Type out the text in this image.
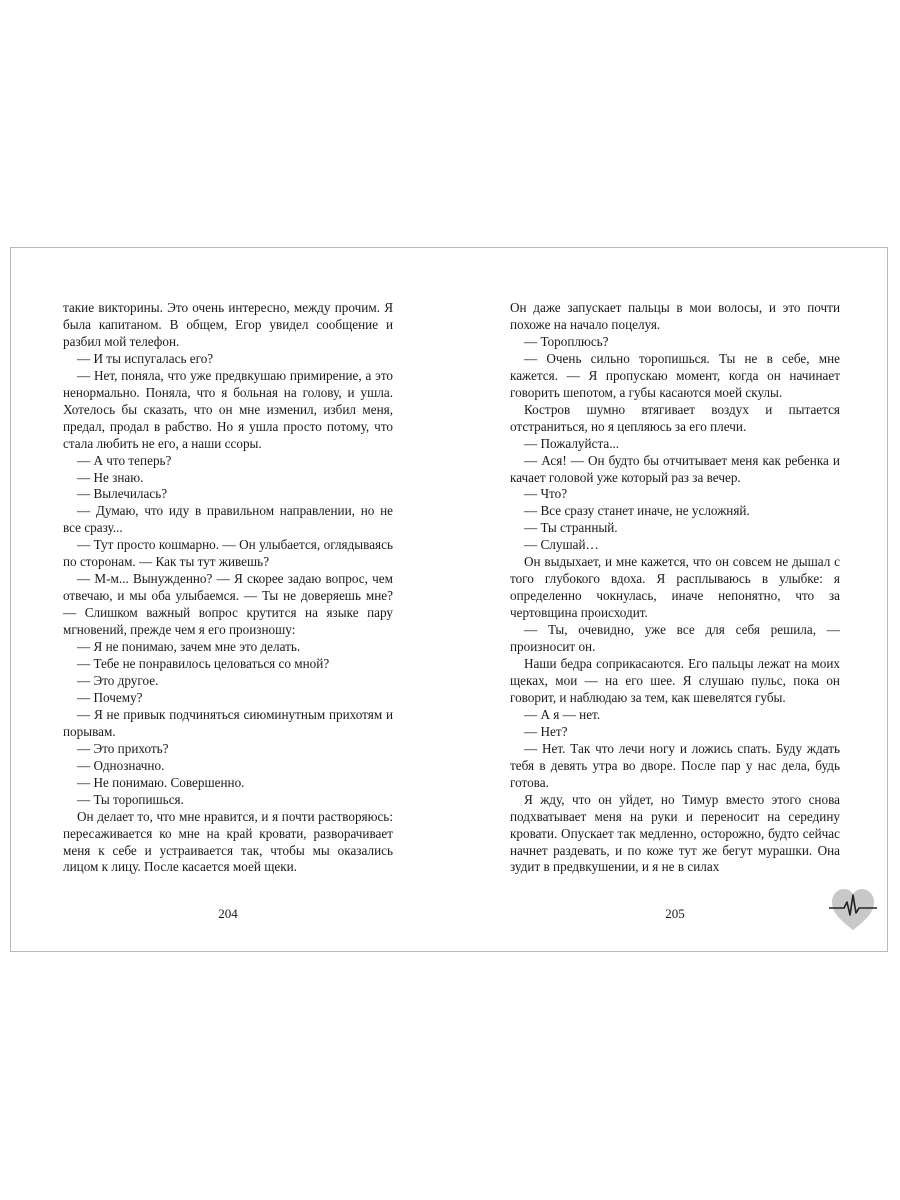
такие викторины. Это очень интересно, между прочим. Я была капитаном. В общем, Егор увидел сообщение и разбил мой телефон.

— И ты испугалась его?

— Нет, поняла, что уже предвкушаю примирение, а это ненормально. Поняла, что я больная на голову, и ушла. Хотелось бы сказать, что он мне изменил, избил меня, предал, продал в рабство. Но я ушла просто потому, что стала любить не его, а наши ссоры.

— А что теперь?

— Не знаю.

— Вылечилась?

— Думаю, что иду в правильном направлении, но не все сразу...

— Тут просто кошмарно. — Он улыбается, оглядываясь по сторонам. — Как ты тут живешь?

— М-м... Вынужденно? — Я скорее задаю вопрос, чем отвечаю, и мы оба улыбаемся. — Ты не доверяешь мне? — Слишком важный вопрос крутится на языке пару мгновений, прежде чем я его произношу:

— Я не понимаю, зачем мне это делать.

— Тебе не понравилось целоваться со мной?

— Это другое.

— Почему?

— Я не привык подчиняться сиюминутным прихотям и порывам.

— Это прихоть?

— Однозначно.

— Не понимаю. Совершенно.

— Ты торопишься.

Он делает то, что мне нравится, и я почти растворяюсь: пересаживается ко мне на край кровати, разворачивает меня к себе и устраивается так, чтобы мы оказались лицом к лицу. После касается моей щеки.

204

Он даже запускает пальцы в мои волосы, и это почти похоже на начало поцелуя.

— Тороплюсь?

— Очень сильно торопишься. Ты не в себе, мне кажется. — Я пропускаю момент, когда он начинает говорить шепотом, а губы касаются моей скулы.

Костров шумно втягивает воздух и пытается отстраниться, но я цепляюсь за его плечи.

— Пожалуйста...

— Ася! — Он будто бы отчитывает меня как ребенка и качает головой уже который раз за вечер.

— Что?

— Все сразу станет иначе, не усложняй.

— Ты странный.

— Слушай…

Он выдыхает, и мне кажется, что он совсем не дышал с того глубокого вдоха. Я расплываюсь в улыбке: я определенно чокнулась, иначе непонятно, что за чертовщина происходит.

— Ты, очевидно, уже все для себя решила, — произносит он.

Наши бедра соприкасаются. Его пальцы лежат на моих щеках, мои — на его шее. Я слушаю пульс, пока он говорит, и наблюдаю за тем, как шевелятся губы.

— А я — нет.

— Нет?

— Нет. Так что лечи ногу и ложись спать. Буду ждать тебя в девять утра во дворе. После пар у нас дела, будь готова.

Я жду, что он уйдет, но Тимур вместо этого снова подхватывает меня на руки и переносит на середину кровати. Опускает так медленно, осторожно, будто сейчас начнет раздевать, и по коже тут же бегут мурашки. Она зудит в предвкушении, и я не в силах

205
